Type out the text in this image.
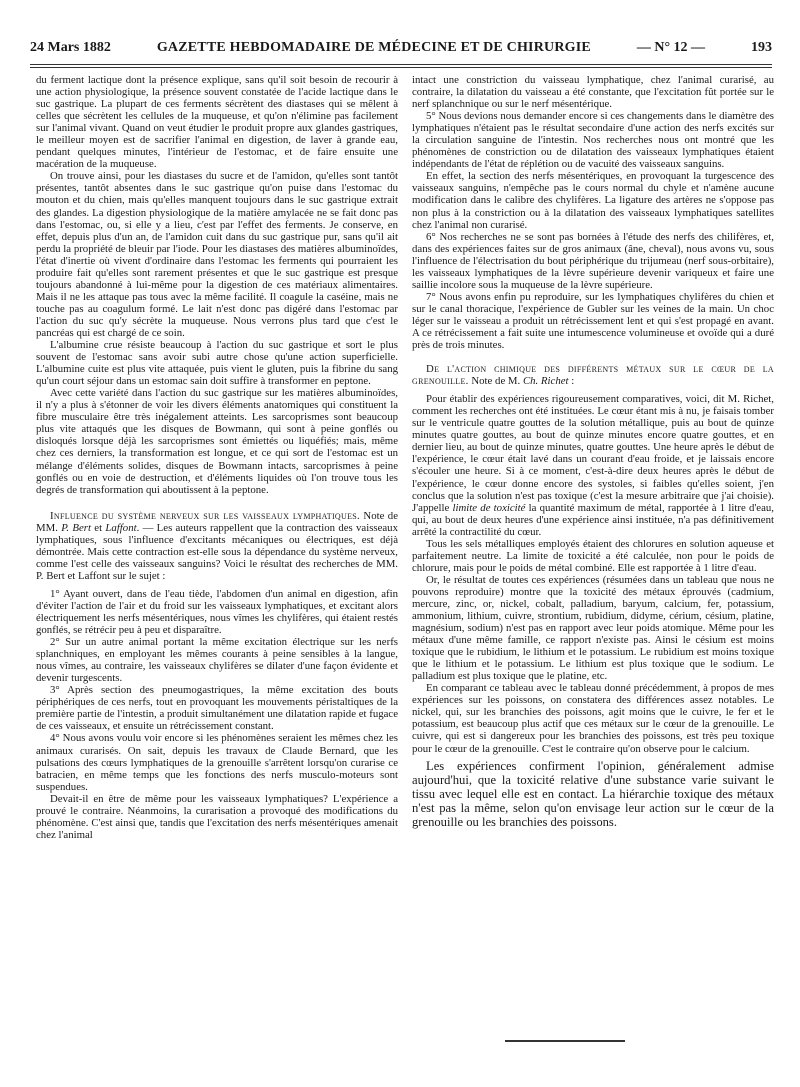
24 Mars 1882	GAZETTE HEBDOMADAIRE DE MÉDECINE ET DE CHIRURGIE	— N° 12 —	193

du ferment lactique dont la présence explique, sans qu'il soit besoin de recourir à une action physiologique, la présence souvent constatée de l'acide lactique dans le suc gastrique. La plupart de ces ferments sécrètent des diastases qui se mêlent à celles que sécrètent les cellules de la muqueuse, et qu'on n'élimine pas facilement sur l'animal vivant. Quand on veut étudier le produit propre aux glandes gastriques, le meilleur moyen est de sacrifier l'animal en digestion, de laver à grande eau, pendant quelques minutes, l'intérieur de l'estomac, et de faire ensuite une macération de la muqueuse.

On trouve ainsi, pour les diastases du sucre et de l'amidon, qu'elles sont tantôt présentes, tantôt absentes dans le suc gastrique qu'on puise dans l'estomac du mouton et du chien, mais qu'elles manquent toujours dans le suc gastrique extrait des glandes. La digestion physiologique de la matière amylacée ne se fait donc pas dans l'estomac, ou, si elle y a lieu, c'est par l'effet des ferments. Je conserve, en effet, depuis plus d'un an, de l'amidon cuit dans du suc gastrique pur, sans qu'il ait perdu la propriété de bleuir par l'iode. Pour les diastases des matières albuminoïdes, l'état d'inertie où vivent d'ordinaire dans l'estomac les ferments qui pourraient les produire fait qu'elles sont rarement présentes et que le suc gastrique est presque toujours abandonné à lui-même pour la digestion de ces matériaux alimentaires. Mais il ne les attaque pas tous avec la même facilité. Il coagule la caséine, mais ne touche pas au coagulum formé. Le lait n'est donc pas digéré dans l'estomac par l'action du suc qu'y sécrète la muqueuse. Nous verrons plus tard que c'est le pancréas qui est chargé de ce soin.

L'albumine crue résiste beaucoup à l'action du suc gastrique et sort le plus souvent de l'estomac sans avoir subi autre chose qu'une action superficielle. L'albumine cuite est plus vite attaquée, puis vient le gluten, puis la fibrine du sang qu'un court séjour dans un estomac sain doit suffire à transformer en peptone.

Avec cette variété dans l'action du suc gastrique sur les matières albuminoïdes, il n'y a plus à s'étonner de voir les divers éléments anatomiques qui constituent la fibre musculaire être très inégalement atteints. Les sarcoprismes sont beaucoup plus vite attaqués que les disques de Bowmann, qui sont à peine gonflés ou disloqués lorsque déjà les sarcoprismes sont émiettés ou liquéfiés; mais, même chez ces derniers, la transformation est longue, et ce qui sort de l'estomac est un mélange d'éléments solides, disques de Bowmann intacts, sarcoprismes à peine gonflés ou en voie de destruction, et d'éléments liquides où l'on trouve tous les degrés de transformation qui aboutissent à la peptone.

Influence du système nerveux sur les vaisseaux lymphatiques. Note de MM. P. Bert et Laffont. — Les auteurs rappellent que la contraction des vaisseaux lymphatiques, sous l'influence d'excitants mécaniques ou électriques, est déjà démontrée. Mais cette contraction est-elle sous la dépendance du système nerveux, comme l'est celle des vaisseaux sanguins? Voici le résultat des recherches de MM. P. Bert et Laffont sur le sujet :

1° Ayant ouvert, dans de l'eau tiède, l'abdomen d'un animal en digestion, afin d'éviter l'action de l'air et du froid sur les vaisseaux lymphatiques, et excitant alors électriquement les nerfs mésentériques, nous vîmes les chylifères, qui étaient restés gonflés, se rétrécir peu à peu et disparaître.

2° Sur un autre animal portant la même excitation électrique sur les nerfs splanchniques, en employant les mêmes courants à peine sensibles à la langue, nous vîmes, au contraire, les vaisseaux chylifères se dilater d'une façon évidente et devenir turgescents.

3° Après section des pneumogastriques, la même excitation des bouts périphériques de ces nerfs, tout en provoquant les mouvements péristaltiques de la première partie de l'intestin, a produit simultanément une dilatation rapide et fugace de ces vaisseaux, et ensuite un rétrécissement constant.

4° Nous avons voulu voir encore si les phénomènes seraient les mêmes chez les animaux curarisés. On sait, depuis les travaux de Claude Bernard, que les pulsations des cœurs lymphatiques de la grenouille s'arrêtent lorsqu'on curarise ce batracien, en même temps que les fonctions des nerfs musculo-moteurs sont suspendues.

Devait-il en être de même pour les vaisseaux lymphatiques? L'expérience a prouvé le contraire. Néanmoins, la curarisation a provoqué des modifications du phénomène. C'est ainsi que, tandis que l'excitation des nerfs mésentériques amenait chez l'animal

intact une constriction du vaisseau lymphatique, chez l'animal curarisé, au contraire, la dilatation du vaisseau a été constante, que l'excitation fût portée sur le nerf splanchnique ou sur le nerf mésentérique.

5° Nous devions nous demander encore si ces changements dans le diamètre des lymphatiques n'étaient pas le résultat secondaire d'une action des nerfs excités sur la circulation sanguine de l'intestin. Nos recherches nous ont montré que les phénomènes de constriction ou de dilatation des vaisseaux lymphatiques étaient indépendants de l'état de réplétion ou de vacuité des vaisseaux sanguins.

En effet, la section des nerfs mésentériques, en provoquant la turgescence des vaisseaux sanguins, n'empêche pas le cours normal du chyle et n'amène aucune modification dans le calibre des chylifères. La ligature des artères ne s'oppose pas non plus à la constriction ou à la dilatation des vaisseaux lymphatiques satellites chez l'animal non curarisé.

6° Nos recherches ne se sont pas bornées à l'étude des nerfs des chilifères, et, dans des expériences faites sur de gros animaux (âne, cheval), nous avons vu, sous l'influence de l'électrisation du bout périphérique du trijumeau (nerf sous-orbitaire), les vaisseaux lymphatiques de la lèvre supérieure devenir variqueux et faire une saillie incolore sous la muqueuse de la lèvre supérieure.

7° Nous avons enfin pu reproduire, sur les lymphatiques chylifères du chien et sur le canal thoracique, l'expérience de Gubler sur les veines de la main. Un choc léger sur le vaisseau a produit un rétrécissement lent et qui s'est propagé en avant. A ce rétrécissement a fait suite une intumescence volumineuse et ovoïde qui a duré près de trois minutes.

De l'action chimique des différents métaux sur le cœur de la grenouille. Note de M. Ch. Richet :

Pour établir des expériences rigoureusement comparatives, voici, dit M. Richet, comment les recherches ont été instituées. Le cœur étant mis à nu, je faisais tomber sur le ventricule quatre gouttes de la solution métallique, puis au bout de quinze minutes quatre gouttes, au bout de quinze minutes encore quatre gouttes, et en dernier lieu, au bout de quinze minutes, quatre gouttes. Une heure après le début de l'expérience, le cœur était lavé dans un courant d'eau froide, et je laissais encore s'écouler une heure. Si à ce moment, c'est-à-dire deux heures après le début de l'expérience, le cœur donne encore des systoles, si faibles qu'elles soient, j'en conclus que la solution n'est pas toxique (c'est la mesure arbitraire que j'ai choisie). J'appelle limite de toxicité la quantité maximum de métal, rapportée à 1 litre d'eau, qui, au bout de deux heures d'une expérience ainsi instituée, n'a pas définitivement arrêté la contractilité du cœur.

Tous les sels métalliques employés étaient des chlorures en solution aqueuse et parfaitement neutre. La limite de toxicité a été calculée, non pour le poids de chlorure, mais pour le poids de métal combiné. Elle est rapportée à 1 litre d'eau.

Or, le résultat de toutes ces expériences (résumées dans un tableau que nous ne pouvons reproduire) montre que la toxicité des métaux éprouvés (cadmium, mercure, zinc, or, nickel, cobalt, palladium, baryum, calcium, fer, potassium, ammonium, lithium, cuivre, strontium, rubidium, didyme, cérium, césium, platine, magnésium, sodium) n'est pas en rapport avec leur poids atomique. Même pour les métaux d'une même famille, ce rapport n'existe pas. Ainsi le césium est moins toxique que le rubidium, le lithium et le potassium. Le rubidium est moins toxique que le lithium et le potassium. Le lithium est plus toxique que le sodium. Le palladium est plus toxique que le platine, etc.

En comparant ce tableau avec le tableau donné précédemment, à propos de mes expériences sur les poissons, on constatera des différences assez notables. Le nickel, qui, sur les branchies des poissons, agit moins que le cuivre, le fer et le potassium, est beaucoup plus actif que ces métaux sur le cœur de la grenouille. Le cuivre, qui est si dangereux pour les branchies des poissons, est très peu toxique pour le cœur de la grenouille. C'est le contraire qu'on observe pour le calcium.

Les expériences confirment l'opinion, généralement admise aujourd'hui, que la toxicité relative d'une substance varie suivant le tissu avec lequel elle est en contact. La hiérarchie toxique des métaux n'est pas la même, selon qu'on envisage leur action sur le cœur de la grenouille ou les branchies des poissons.
